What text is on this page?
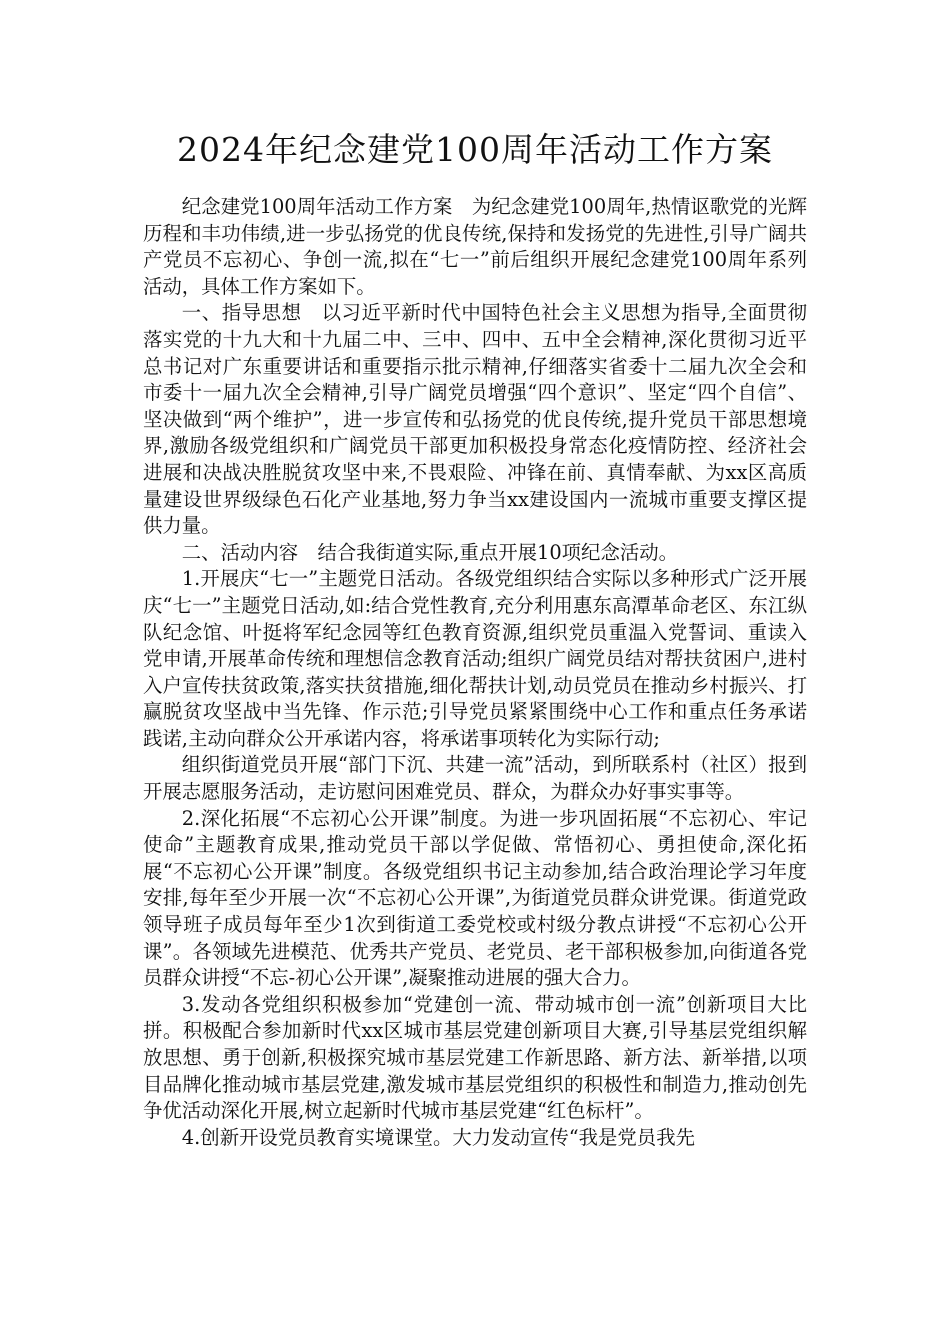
2024年纪念建党100周年活动工作方案

纪念建党100周年活动工作方案　为纪念建党100周年,热情讴歌党的光辉历程和丰功伟绩,进一步弘扬党的优良传统,保持和发扬党的先进性,引导广阔共产党员不忘初心、争创一流,拟在“七一”前后组织开展纪念建党100周年系列活动，具体工作方案如下。

一、指导思想　以习近平新时代中国特色社会主义思想为指导,全面贯彻落实党的十九大和十九届二中、三中、四中、五中全会精神,深化贯彻习近平总书记对广东重要讲话和重要指示批示精神,仔细落实省委十二届九次全会和市委十一届九次全会精神,引导广阔党员增强“四个意识”、坚定“四个自信”、坚决做到“两个维护”，进一步宣传和弘扬党的优良传统,提升党员干部思想境界,激励各级党组织和广阔党员干部更加积极投身常态化疫情防控、经济社会进展和决战决胜脱贫攻坚中来,不畏艰险、冲锋在前、真情奉献、为xx区高质量建设世界级绿色石化产业基地,努力争当xx建设国内一流城市重要支撑区提供力量。

二、活动内容　结合我街道实际,重点开展10项纪念活动。

1.开展庆“七一”主题党日活动。各级党组织结合实际以多种形式广泛开展庆“七一”主题党日活动,如:结合党性教育,充分利用惠东高潭革命老区、东江纵队纪念馆、叶挺将军纪念园等红色教育资源,组织党员重温入党誓词、重读入党申请,开展革命传统和理想信念教育活动;组织广阔党员结对帮扶贫困户,进村入户宣传扶贫政策,落实扶贫措施,细化帮扶计划,动员党员在推动乡村振兴、打赢脱贫攻坚战中当先锋、作示范;引导党员紧紧围绕中心工作和重点任务承诺践诺,主动向群众公开承诺内容，将承诺事项转化为实际行动;

组织街道党员开展“部门下沉、共建一流”活动，到所联系村（社区）报到开展志愿服务活动，走访慰问困难党员、群众，为群众办好事实事等。

2.深化拓展“不忘初心公开课”制度。为进一步巩固拓展“不忘初心、牢记使命”主题教育成果,推动党员干部以学促做、常悟初心、勇担使命,深化拓展“不忘初心公开课”制度。各级党组织书记主动参加,结合政治理论学习年度安排,每年至少开展一次“不忘初心公开课”,为街道党员群众讲党课。街道党政领导班子成员每年至少1次到街道工委党校或村级分教点讲授“不忘初心公开课”。各领域先进模范、优秀共产党员、老党员、老干部积极参加,向街道各党员群众讲授“不忘-初心公开课”,凝聚推动进展的强大合力。

3.发动各党组织积极参加“党建创一流、带动城市创一流”创新项目大比拼。积极配合参加新时代xx区城市基层党建创新项目大赛,引导基层党组织解放思想、勇于创新,积极探究城市基层党建工作新思路、新方法、新举措,以项目品牌化推动城市基层党建,激发城市基层党组织的积极性和制造力,推动创先争优活动深化开展,树立起新时代城市基层党建“红色标杆”。

4.创新开设党员教育实境课堂。大力发动宣传“我是党员我先
